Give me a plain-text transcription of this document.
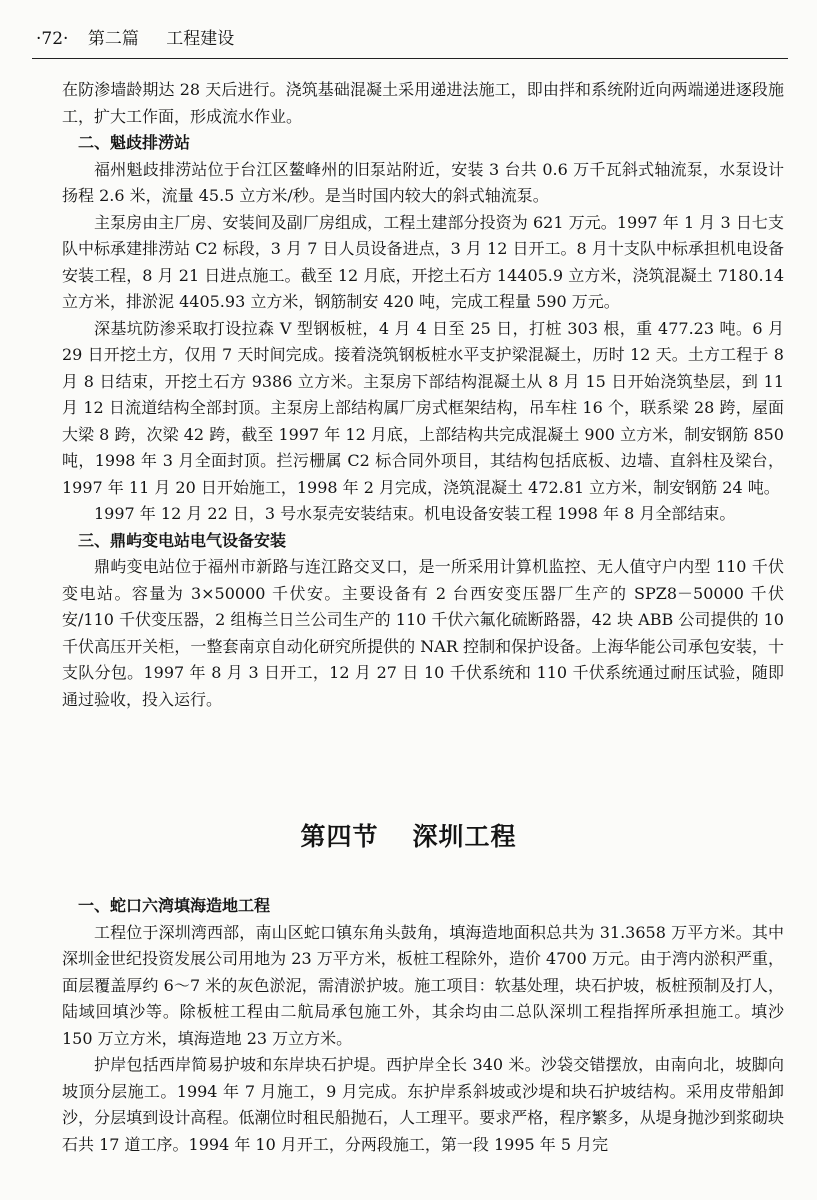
·72· 第二篇 工程建设

在防渗墙龄期达 28 天后进行。浇筑基础混凝土采用递进法施工，即由拌和系统附近向两端递进逐段施工，扩大工作面，形成流水作业。

二、魁歧排涝站

福州魁歧排涝站位于台江区鳌峰州的旧泵站附近，安装 3 台共 0.6 万千瓦斜式轴流泵，水泵设计扬程 2.6 米，流量 45.5 立方米/秒。是当时国内较大的斜式轴流泵。

主泵房由主厂房、安装间及副厂房组成，工程土建部分投资为 621 万元。1997 年 1 月 3 日七支队中标承建排涝站 C2 标段，3 月 7 日人员设备进点，3 月 12 日开工。8 月十支队中标承担机电设备安装工程，8 月 21 日进点施工。截至 12 月底，开挖土石方 14405.9 立方米，浇筑混凝土 7180.14 立方米，排淤泥 4405.93 立方米，钢筋制安 420 吨，完成工程量 590 万元。

深基坑防渗采取打设拉森 V 型钢板桩，4 月 4 日至 25 日，打桩 303 根，重 477.23 吨。6 月 29 日开挖土方，仅用 7 天时间完成。接着浇筑钢板桩水平支护梁混凝土，历时 12 天。土方工程于 8 月 8 日结束，开挖土石方 9386 立方米。主泵房下部结构混凝土从 8 月 15 日开始浇筑垫层，到 11 月 12 日流道结构全部封顶。主泵房上部结构属厂房式框架结构，吊车柱 16 个，联系梁 28 跨，屋面大梁 8 跨，次梁 42 跨，截至 1997 年 12 月底，上部结构共完成混凝土 900 立方米，制安钢筋 850 吨，1998 年 3 月全面封顶。拦污栅属 C2 标合同外项目，其结构包括底板、边墙、直斜柱及梁台，1997 年 11 月 20 日开始施工，1998 年 2 月完成，浇筑混凝土 472.81 立方米，制安钢筋 24 吨。

1997 年 12 月 22 日，3 号水泵壳安装结束。机电设备安装工程 1998 年 8 月全部结束。

三、鼎屿变电站电气设备安装

鼎屿变电站位于福州市新路与连江路交叉口，是一所采用计算机监控、无人值守户内型 110 千伏变电站。容量为 3×50000 千伏安。主要设备有 2 台西安变压器厂生产的 SPZ8－50000 千伏安/110 千伏变压器，2 组梅兰日兰公司生产的 110 千伏六氟化硫断路器，42 块 ABB 公司提供的 10 千伏高压开关柜，一整套南京自动化研究所提供的 NAR 控制和保护设备。上海华能公司承包安装，十支队分包。1997 年 8 月 3 日开工，12 月 27 日 10 千伏系统和 110 千伏系统通过耐压试验，随即通过验收，投入运行。

第四节 深圳工程
一、蛇口六湾填海造地工程

工程位于深圳湾西部，南山区蛇口镇东角头鼓角，填海造地面积总共为 31.3658 万平方米。其中深圳金世纪投资发展公司用地为 23 万平方米，板桩工程除外，造价 4700 万元。由于湾内淤积严重，面层覆盖厚约 6～7 米的灰色淤泥，需清淤护坡。施工项目：软基处理，块石护坡，板桩预制及打人，陆域回填沙等。除板桩工程由二航局承包施工外，其余均由二总队深圳工程指挥所承担施工。填沙 150 万立方米，填海造地 23 万立方米。

护岸包括西岸简易护坡和东岸块石护堤。西护岸全长 340 米。沙袋交错摆放，由南向北，坡脚向坡顶分层施工。1994 年 7 月施工，9 月完成。东护岸系斜坡或沙堤和块石护坡结构。采用皮带船卸沙，分层填到设计高程。低潮位时租民船抛石，人工理平。要求严格，程序繁多，从堤身抛沙到浆砌块石共 17 道工序。1994 年 10 月开工，分两段施工，第一段 1995 年 5 月完
